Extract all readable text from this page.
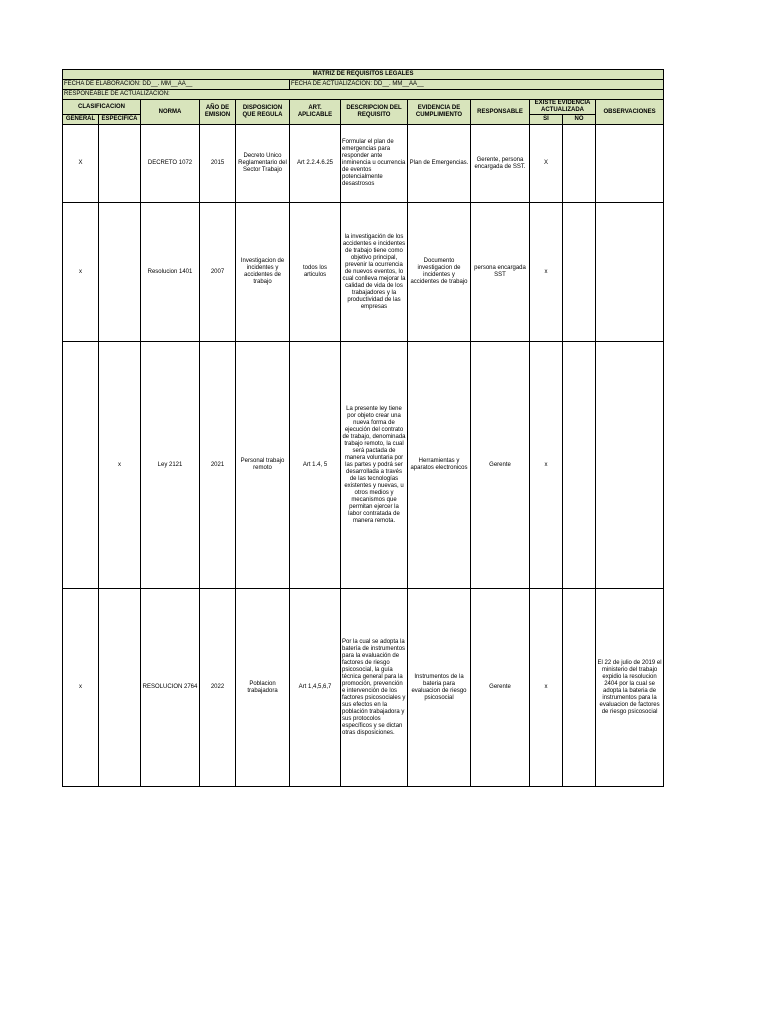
MATRIZ DE REQUISITOS LEGALES											
FECHA DE ELABORACION: DD__. MM__AA__					FECHA DE ACTUALIZACION: DD__. MM__AA__						
RESPONEABLE DE ACTUALIZACION:											
CLASIFICACION		NORMA	AÑO DE EMISION	DISPOSICION QUE REGULA	ART. APLICABLE	DESCRIPCION DEL REQUISITO	EVIDENCIA DE CUMPLIMIENTO	RESPONSABLE	EXISTE EVIDENCIA ACTUALIZADA		OBSERVACIONES
GENERAL	ESPECIFICA								SI	NO	
X		DECRETO 1072	2015	Decreto Unico Reglamentario del Sector Trabajo	Art 2.2.4.6.25	Formular el plan de emergencias para responder ante inminencia u ocurrencia de eventos potencialmente desastrosos	Plan de Emergencias.	Gerente, persona encargada de SST.	X		
x		Resolucion 1401	2007	Investigacion de incidentes y accidentes de trabajo	todos los articulos	la investigación de los accidentes e incidentes de trabajo tiene como objetivo principal, prevenir la ocurrencia de nuevos eventos, lo cual conlleva mejorar la calidad de vida de los trabajadores y la productividad de las empresas	Documento investigacion de incidentes y accidentes de trabajo	persona encargada SST	x		
	x	Ley 2121	2021	Personal trabajo remoto	Art 1.4, 5	La presente ley tiene por objeto crear una nueva forma de ejecución del contrato de trabajo, denominada trabajo remoto, la cual será pactada de manera voluntaria por las partes y podrá ser desarrollada a través de las tecnologías existentes y nuevas, u otros medios y mecanismos que permitan ejercer la labor contratada de manera remota.	Herramientas y aparatos electronicos	Gerente	x		
x		RESOLUCION 2764	2022	Poblacion trabajadora	Art 1,4,5,6,7	Por la cual se adopta la batería de instrumentos para la evaluación de factores de riesgo psicosocial, la guía técnica general para la promoción, prevención e intervención de los factores psicosociales y sus efectos en la población trabajadora y sus protocolos específicos y se dictan otras disposiciones.	Instrumentos de la bateria para evaluacion de riesgo psicosocial	Gerente	x		El 22 de julio de 2019 el ministerio del trabajo expidio la resolucion 2404 por la cual se adopta la bateria de instrumentos para la evaluacion de factores de riesgo psicosocial
